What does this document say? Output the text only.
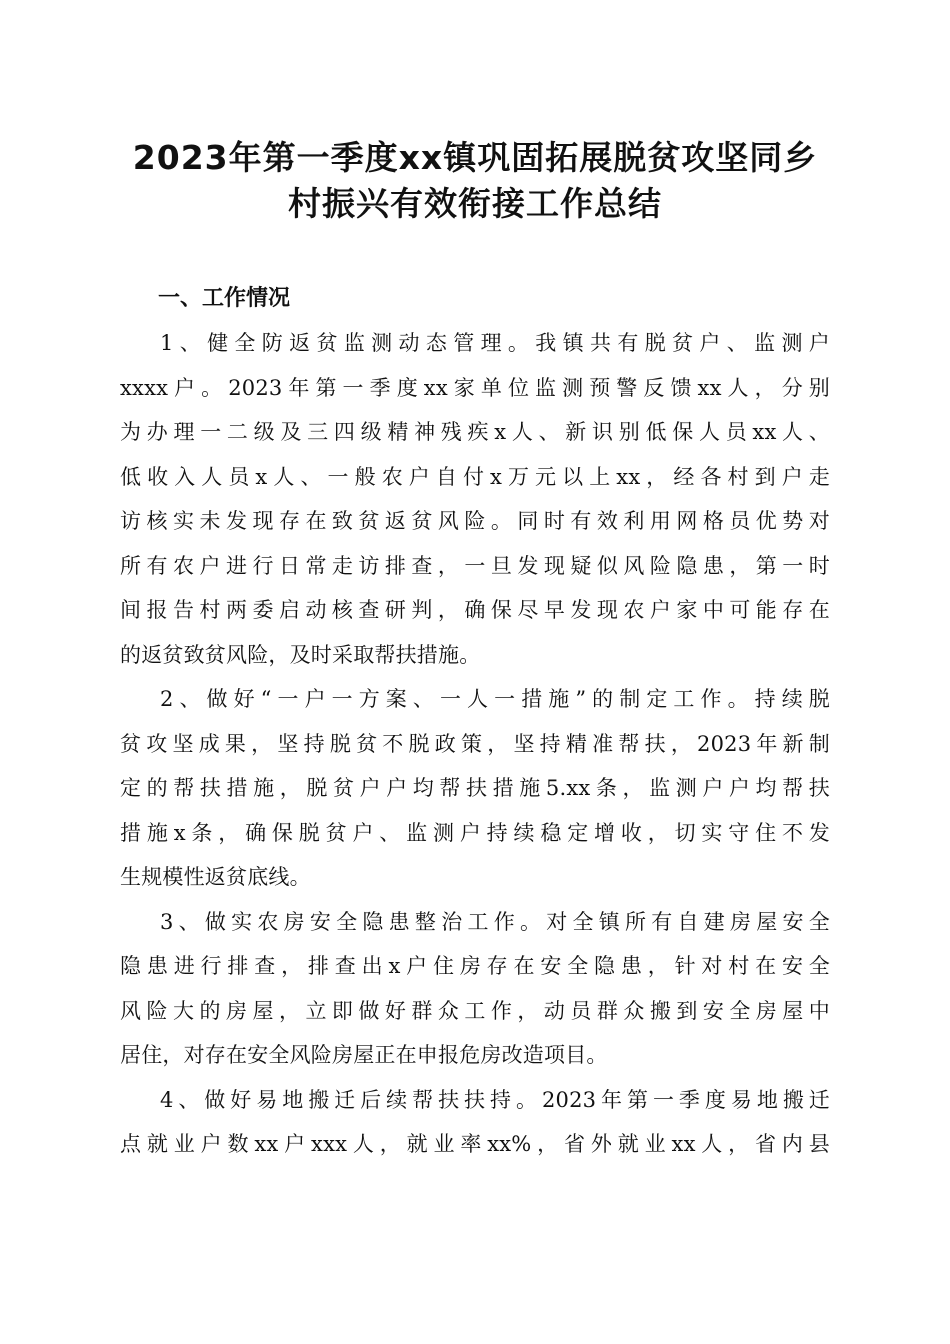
2023年第一季度xx镇巩固拓展脱贫攻坚同乡
村振兴有效衔接工作总结
一、工作情况

1、健全防返贫监测动态管理。我镇共有脱贫户、监测户
xxxx户。2023年第一季度xx家单位监测预警反馈xx人，分别
为办理一二级及三四级精神残疾x人、新识别低保人员xx人、
低收入人员x人、一般农户自付x万元以上xx，经各村到户走
访核实未发现存在致贫返贫风险。同时有效利用网格员优势对
所有农户进行日常走访排查，一旦发现疑似风险隐患，第一时
间报告村两委启动核查研判，确保尽早发现农户家中可能存在
的返贫致贫风险，及时采取帮扶措施。

2、做好“一户一方案、一人一措施”的制定工作。持续脱
贫攻坚成果，坚持脱贫不脱政策，坚持精准帮扶，2023年新制
定的帮扶措施，脱贫户户均帮扶措施5.xx条，监测户户均帮扶
措施x条，确保脱贫户、监测户持续稳定增收，切实守住不发
生规模性返贫底线。

3、做实农房安全隐患整治工作。对全镇所有自建房屋安全
隐患进行排查，排查出x户住房存在安全隐患，针对村在安全
风险大的房屋，立即做好群众工作，动员群众搬到安全房屋中
居住，对存在安全风险房屋正在申报危房改造项目。

4、做好易地搬迁后续帮扶扶持。2023年第一季度易地搬迁
点就业户数xx户xxx人，就业率xx%，省外就业xx人，省内县
